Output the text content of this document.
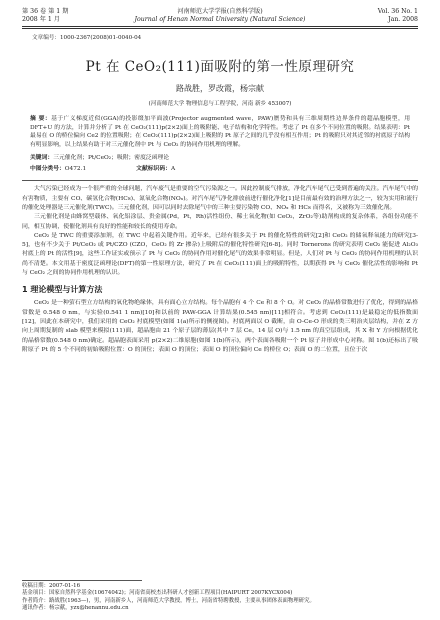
第 36 卷 第 1 期
2008 年 1 月
河南师范大学学报(自然科学版)
Journal of Henan Normal University (Natural Science)
Vol. 36 No. 1
Jan. 2008
文章编号：1000-2367(2008)01-0040-04
Pt 在 CeO₂(111)面吸附的第一性原理研究
路战胜，罗改霞，杨宗献
(河南师范大学 物理信息与工程学院，河南 新乡 453007)
摘 要：基于广义梯度近似(GGA)的投影缀加平面波(Projector augmented wave，PAW)赝势和具有三维周期性边界条件的超晶胞模型，用 DFT+U 的方法，计算并分析了 Pt 在 CeO₂(111)p(2×2)面上的吸附能、电子结构和化学特性。考虑了 Pt 在多个不同位置的吸附。结果表明：Pt 最易在 O 的桥位偏向 Ce2 的位置吸附；在 CeO₂(111)p(2×2)面上吸附的 Pt 原子之间的几乎没有相互作用；Pt 的吸附只对其近邻的衬底原子结构有明显影响，以上结果有助于对三元催化剂中 Pt 与 CeO₂ 的协同作用机理的理解。
关键词：三元催化剂；Pt/CeO₂；吸附；密度泛函理论
中图分类号：O472.1	文献标识码：A

大气污染已经成为一个很严重的全球问题，汽车废气是重要的空气污染源之一。因此控制废气排放，净化汽车尾气已受到普遍的关注。汽车尾气中的有害物质，主要有 CO、碳氢化合物(HCs)、氮氧化合物(NOₓ)。对汽车尾气净化排放前进行催化净化[1]是目前最有效的治理方法之一，较为实用和流行的催化处理器是三元催化剂(TWC)。三元催化剂，因可以同时去除尾气中的三种主要污染物 CO、NOₓ 和 HCs 而得名，又被称为三效催化剂。

三元催化剂是由蜂窝型载体、氧化铝涂层、贵金属(Pd，Pt，Rh)活性组份、稀土氧化物(如 CeO₂，ZrO₂等)助剂构成的复杂体系，各组份功能不同，相互协调，使催化剂具有良好的性能和较长的使用寿命。

CeO₂ 是 TWC 的重要添加剂，在 TWC 中起着关键作用。近年来，已经有很多关于 Pt 的催化特性的研究[2]和 CeO₂ 的储氧释氧能力的研究[3-5]，也有不少关于 Pt/CeO₂ 或 Pt/CZO (CZO，CeO₂ 的 Zr 掺杂)上吸附后的催化特性研究[6-8]。同时 Tornerons 的研究表明 CeO₂ 能促进 Al₂O₃ 衬底上的 Pt 的活性[9]，这些工作证实或预示了 Pt 与 CeO₂ 的协同作用对催化尾气的效果非常明显。但是，人们对 Pt 与 CeO₂ 的协同作用机理的认识尚不清楚。本文用基于密度泛函理论(DFT)的第一性原理方法，研究了 Pt 在 CeO₂(111)面上的吸附特性，以期获得 Pt 与 CeO₂ 催化活性的影响和 Pt 与 CeO₂ 之间的协同作用机理的认识。

1 理论模型与计算方法

CeO₂ 是一种萤石型立方结构的氧化物绝缘体，具有面心立方结构。每个晶胞有 4 个 Ce 和 8 个 O。对 CeO₂ 的晶格常数进行了优化，得到的晶格常数是 0.548 0 nm，与实验(0.541 1 nm)[10]和以前的 PAW-GGA 计算结果(0.545 nm)[11]相符合。考虑到 CeO₂(111)是最稳定的低指数面[12]，因此在本研究中，我们采用的 CeO₂ 衬底模型(如图 1(a)所示的侧视图)。衬底两面以 O 截断，由 O-Ce-O 形成的类三明治夹层结构，并在 Z 方向上周期复制的 slab 模型来模拟(111)面，超晶胞由 21 个原子层的薄层(其中 7 层 Ce，14 层 O)与 1.5 nm 的真空层组成，其 X 和 Y 方向根据优化的晶格常数(0.548 0 nm)确定。超晶胞表面采用 p(2×2)二维原胞(如图 1(b)所示)，两个表面各吸附一个 Pt 原子并形成中心对称。图 1(b)还标出了吸附原子 Pt 的 5 个不同的初始吸附位置：O 的顶位；表面 O 的顶位；表面 O 的顶位偏向 Ce 的桥位 O；表面 O 的二位置，且位于次

收稿日期：2007-01-16
基金项目：国家自然科学基金(10674042)；河南省高校杰出科研人才创新工程项目(HAIPURT 2007KYCX004)
作者简介：路战胜(1963—)，男，河南新乡人，河南师范大学教授，博士，河南省特聘教授，主要从事团体表面物理研究。
通讯作者：杨宗献，yzx@henannu.edu.cn
